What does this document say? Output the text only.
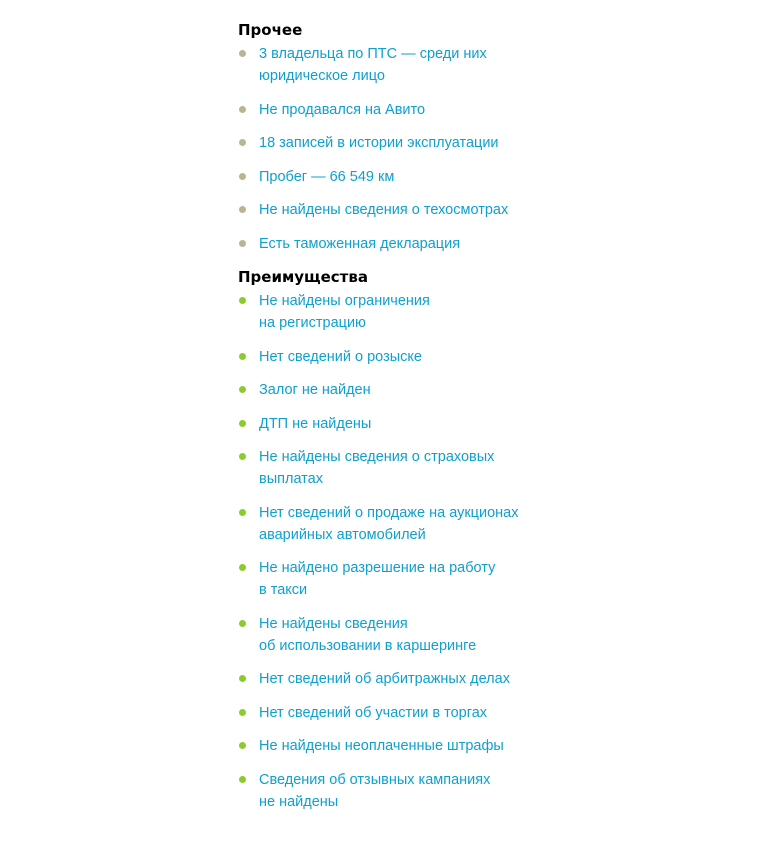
Прочее
3 владельца по ПТС — среди них
юридическое лицо
Не продавался на Авито
18 записей в истории эксплуатации
Пробег — 66 549 км
Не найдены сведения о техосмотрах
Есть таможенная декларация
Преимущества
Не найдены ограничения
на регистрацию
Нет сведений о розыске
Залог не найден
ДТП не найдены
Не найдены сведения о страховых
выплатах
Нет сведений о продаже на аукционах
аварийных автомобилей
Не найдено разрешение на работу
в такси
Не найдены сведения
об использовании в каршеринге
Нет сведений об арбитражных делах
Нет сведений об участии в торгах
Не найдены неоплаченные штрафы
Сведения об отзывных кампаниях
не найдены
